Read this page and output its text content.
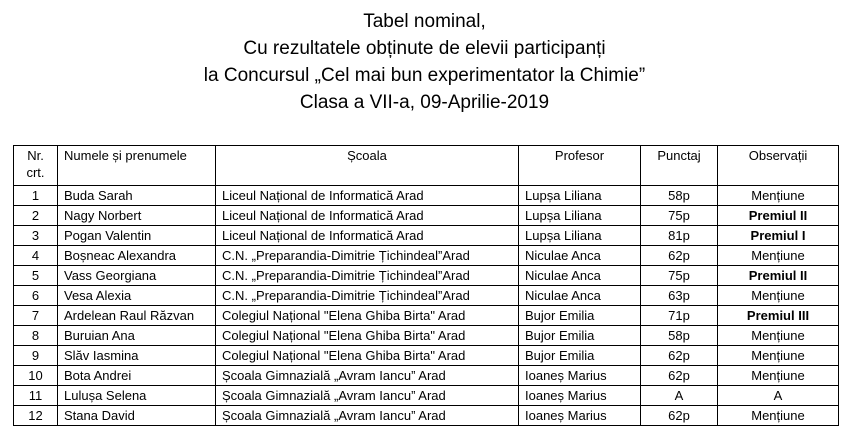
Tabel nominal,
Cu rezultatele obținute de elevii participanți
la Concursul „Cel mai bun experimentator la Chimie”
Clasa a VII-a, 09-Aprilie-2019
Nr.
crt.	Numele și prenumele	Școala	Profesor	Punctaj	Observații
1	Buda Sarah	Liceul Național de Informatică Arad	Lupșa Liliana	58p	Mențiune
2	Nagy Norbert	Liceul Național de Informatică Arad	Lupșa Liliana	75p	Premiul II
3	Pogan Valentin	Liceul Național de Informatică Arad	Lupșa Liliana	81p	Premiul I
4	Boșneac Alexandra	C.N. „Preparandia-Dimitrie Țichindeal”Arad	Niculae Anca	62p	Mențiune
5	Vass Georgiana	C.N. „Preparandia-Dimitrie Țichindeal”Arad	Niculae Anca	75p	Premiul II
6	Vesa Alexia	C.N. „Preparandia-Dimitrie Țichindeal”Arad	Niculae Anca	63p	Mențiune
7	Ardelean Raul Răzvan	Colegiul Național "Elena Ghiba Birta" Arad	Bujor Emilia	71p	Premiul III
8	Buruian Ana	Colegiul Național "Elena Ghiba Birta" Arad	Bujor Emilia	58p	Mențiune
9	Slăv Iasmina	Colegiul Național "Elena Ghiba Birta" Arad	Bujor Emilia	62p	Mențiune
10	Bota Andrei	Școala Gimnazială „Avram Iancu” Arad	Ioaneș Marius	62p	Mențiune
11	Lulușa Selena	Școala Gimnazială „Avram Iancu” Arad	Ioaneș Marius	A	A
12	Stana David	Școala Gimnazială „Avram Iancu” Arad	Ioaneș Marius	62p	Mențiune
